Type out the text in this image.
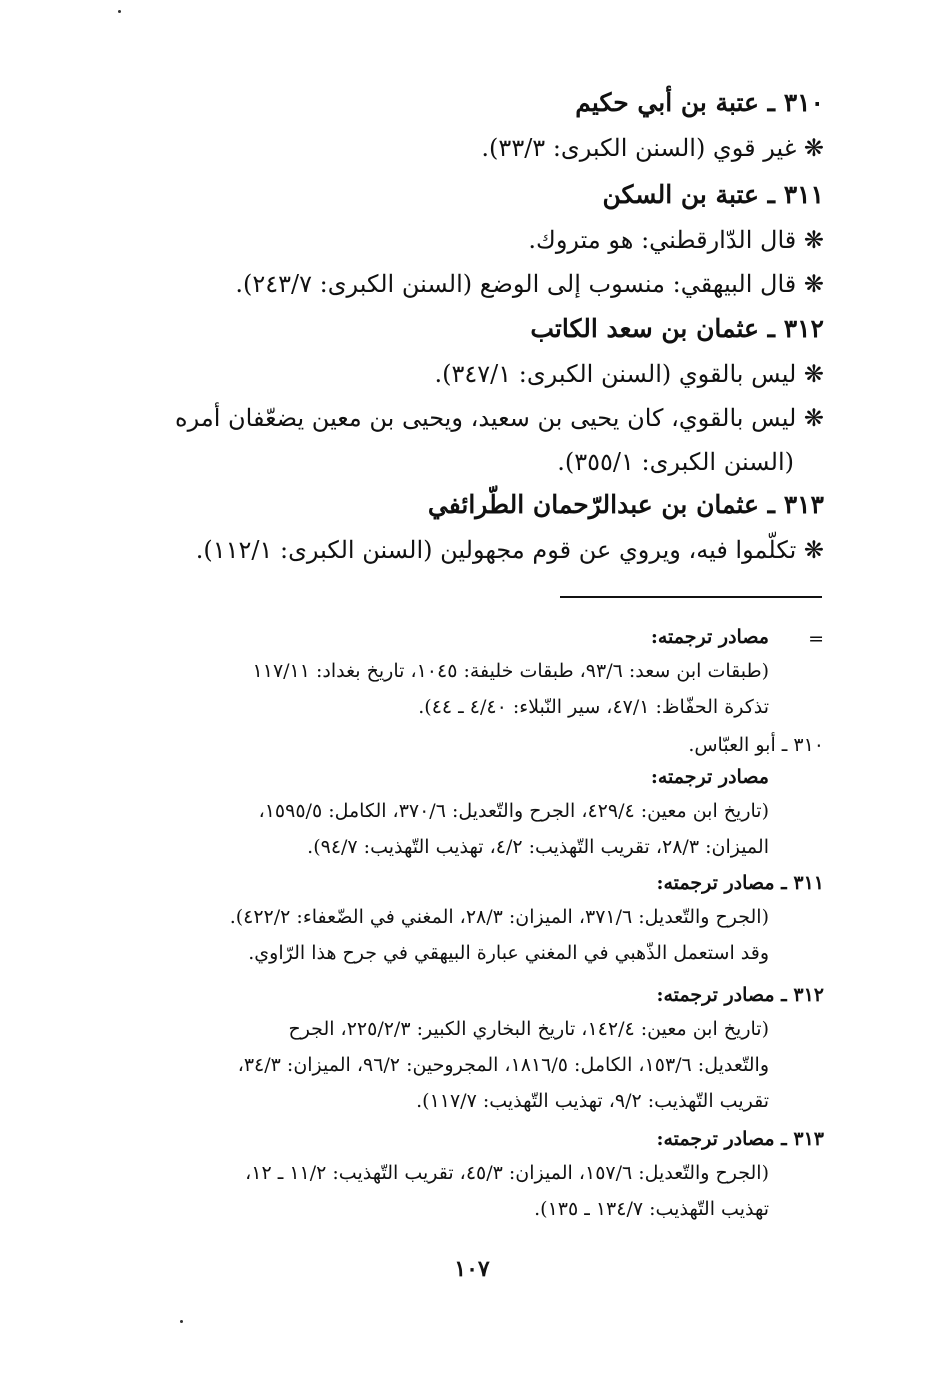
٣١٠ ـ عتبة بن أبي حكيم
❋ غير قوي (السنن الكبرى: ٣٣/٣).
٣١١ ـ عتبة بن السكن
❋ قال الدّارقطني: هو متروك.
❋ قال البيهقي: منسوب إلى الوضع (السنن الكبرى: ٢٤٣/٧).
٣١٢ ـ عثمان بن سعد الكاتب
❋ ليس بالقوي (السنن الكبرى: ٣٤٧/١).
❋ ليس بالقوي، كان يحيى بن سعيد، ويحيى بن معين يضعّفان أمره
(السنن الكبرى: ٣٥٥/١).
٣١٣ ـ عثمان بن عبدالرّحمان الطّرائفي
❋ تكلّموا فيه، ويروي عن قوم مجهولين (السنن الكبرى: ١١٢/١).
=
مصادر ترجمته:
(طبقات ابن سعد: ٩٣/٦، طبقات خليفة: ١٠٤٥، تاريخ بغداد: ١١٧/١١
تذكرة الحفّاظ: ٤٧/١، سير النّبلاء: ٤/٤٠ ـ ٤٤).
٣١٠ ـ أبو العبّاس.
مصادر ترجمته:
(تاريخ ابن معين: ٤٢٩/٤، الجرح والتّعديل: ٣٧٠/٦، الكامل: ١٥٩٥/٥،
الميزان: ٢٨/٣، تقريب التّهذيب: ٤/٢، تهذيب التّهذيب: ٩٤/٧).
٣١١ ـ مصادر ترجمته:
(الجرح والتّعديل: ٣٧١/٦، الميزان: ٢٨/٣، المغني في الضّعفاء: ٤٢٢/٢).
وقد استعمل الذّهبي في المغني عبارة البيهقي في جرح هذا الرّاوي.
٣١٢ ـ مصادر ترجمته:
(تاريخ ابن معين: ١٤٢/٤، تاريخ البخاري الكبير: ٢٢٥/٢/٣، الجرح
والتّعديل: ١٥٣/٦، الكامل: ١٨١٦/٥، المجروحين: ٩٦/٢، الميزان: ٣٤/٣،
تقريب التّهذيب: ٩/٢، تهذيب التّهذيب: ١١٧/٧).
٣١٣ ـ مصادر ترجمته:
(الجرح والتّعديل: ١٥٧/٦، الميزان: ٤٥/٣، تقريب التّهذيب: ١١/٢ ـ ١٢،
تهذيب التّهذيب: ١٣٤/٧ ـ ١٣٥).
١٠٧
